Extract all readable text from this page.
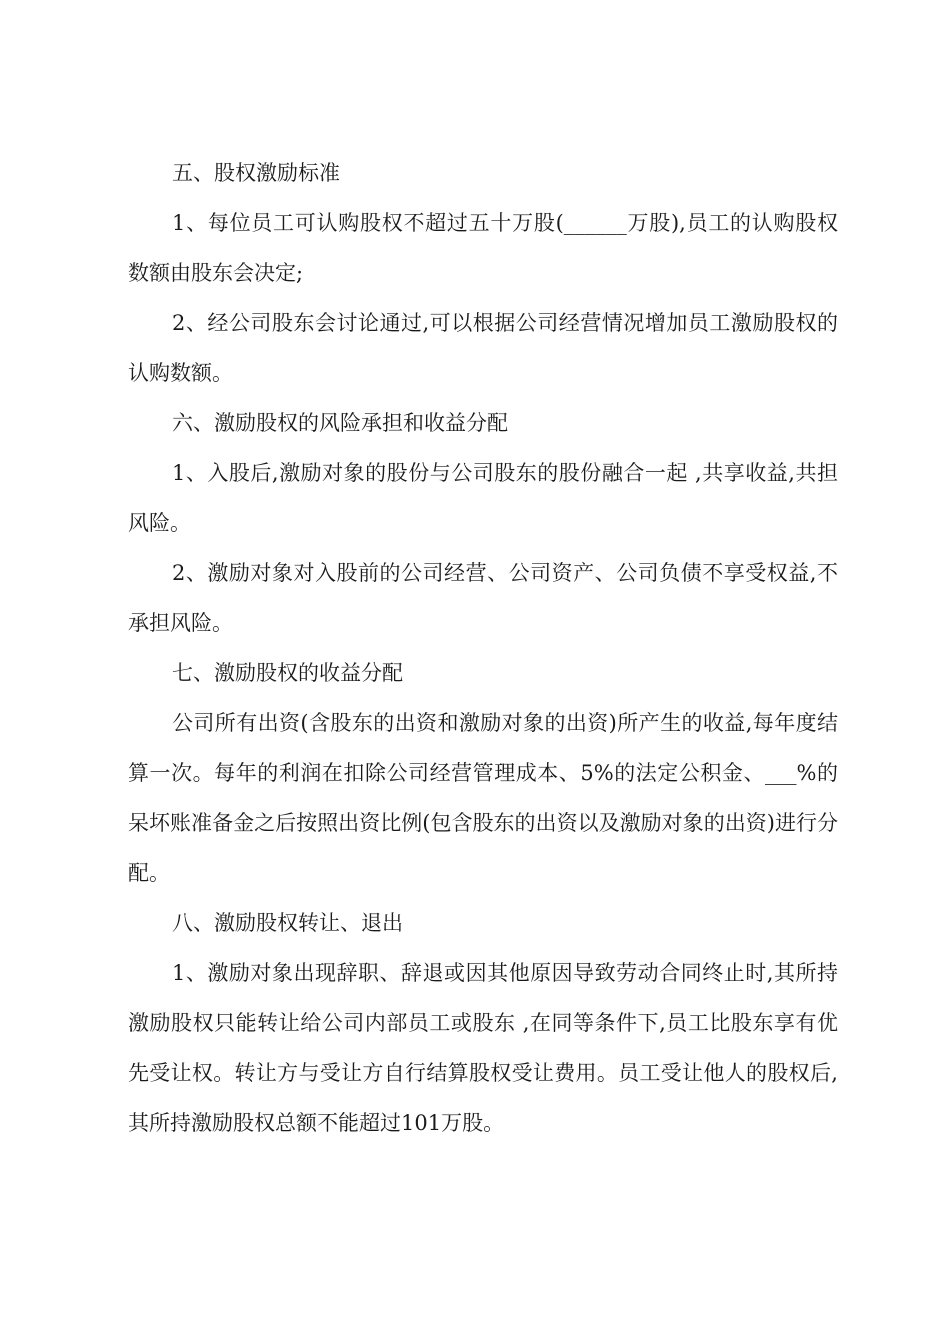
五、股权激励标准

1、每位员工可认购股权不超过五十万股(______万股),员工的认购股权数额由股东会决定;

2、经公司股东会讨论通过,可以根据公司经营情况增加员工激励股权的认购数额。

六、激励股权的风险承担和收益分配

1、入股后,激励对象的股份与公司股东的股份融合一起 ,共享收益,共担风险。

2、激励对象对入股前的公司经营、公司资产、公司负债不享受权益,不承担风险。

七、激励股权的收益分配

公司所有出资(含股东的出资和激励对象的出资)所产生的收益,每年度结算一次。每年的利润在扣除公司经营管理成本、5%的法定公积金、___%的呆坏账准备金之后按照出资比例(包含股东的出资以及激励对象的出资)进行分配。

八、激励股权转让、退出

1、激励对象出现辞职、辞退或因其他原因导致劳动合同终止时,其所持激励股权只能转让给公司内部员工或股东 ,在同等条件下,员工比股东享有优先受让权。转让方与受让方自行结算股权受让费用。员工受让他人的股权后,其所持激励股权总额不能超过101万股。
